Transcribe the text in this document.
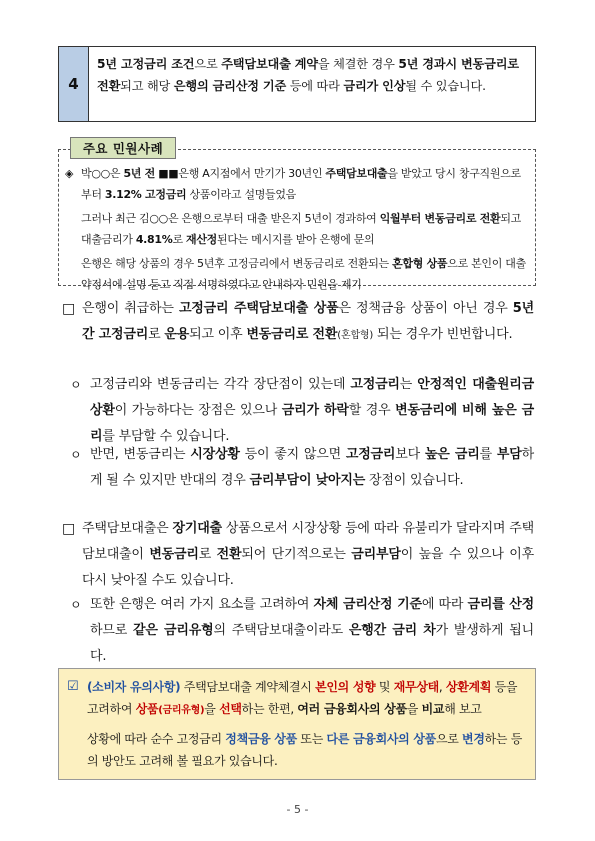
4
5년 고정금리 조건으로 주택담보대출 계약을 체결한 경우 5년 경과시 변동금리로 전환되고 해당 은행의 금리산정 기준 등에 따라 금리가 인상될 수 있습니다.
주요 민원사례
◈ 박○○은 5년 전 ■■은행 A지점에서 만기가 30년인 주택담보대출을 받았고 당시 창구직원으로부터 3.12% 고정금리 상품이라고 설명들었음
그러나 최근 김○○은 은행으로부터 대출 받은지 5년이 경과하여 익월부터 변동금리로 전환되고 대출금리가 4.81%로 재산정된다는 메시지를 받아 은행에 문의
은행은 해당 상품의 경우 5년후 고정금리에서 변동금리로 전환되는 혼합형 상품으로 본인이 대출약정서에 설명 듣고 직접 서명하였다고 안내하자 민원을 제기
□ 은행이 취급하는 고정금리 주택담보대출 상품은 정책금융 상품이 아닌 경우 5년간 고정금리로 운용되고 이후 변동금리로 전환(혼합형) 되는 경우가 빈번합니다.
ㅇ 고정금리와 변동금리는 각각 장단점이 있는데 고정금리는 안정적인 대출원리금 상환이 가능하다는 장점은 있으나 금리가 하락할 경우 변동금리에 비해 높은 금리를 부담할 수 있습니다.
ㅇ 반면, 변동금리는 시장상황 등이 좋지 않으면 고정금리보다 높은 금리를 부담하게 될 수 있지만 반대의 경우 금리부담이 낮아지는 장점이 있습니다.
□ 주택담보대출은 장기대출 상품으로서 시장상황 등에 따라 유불리가 달라지며 주택담보대출이 변동금리로 전환되어 단기적으로는 금리부담이 높을 수 있으나 이후 다시 낮아질 수도 있습니다.
ㅇ 또한 은행은 여러 가지 요소를 고려하여 자체 금리산정 기준에 따라 금리를 산정하므로 같은 금리유형의 주택담보대출이라도 은행간 금리 차가 발생하게 됩니다.
☑ (소비자 유의사항) 주택담보대출 계약체결시 본인의 성향 및 재무상태, 상환계획 등을 고려하여 상품(금리유형)을 선택하는 한편, 여러 금융회사의 상품을 비교해 보고
상황에 따라 순수 고정금리 정책금융 상품 또는 다른 금융회사의 상품으로 변경하는 등의 방안도 고려해 볼 필요가 있습니다.
- 5 -
